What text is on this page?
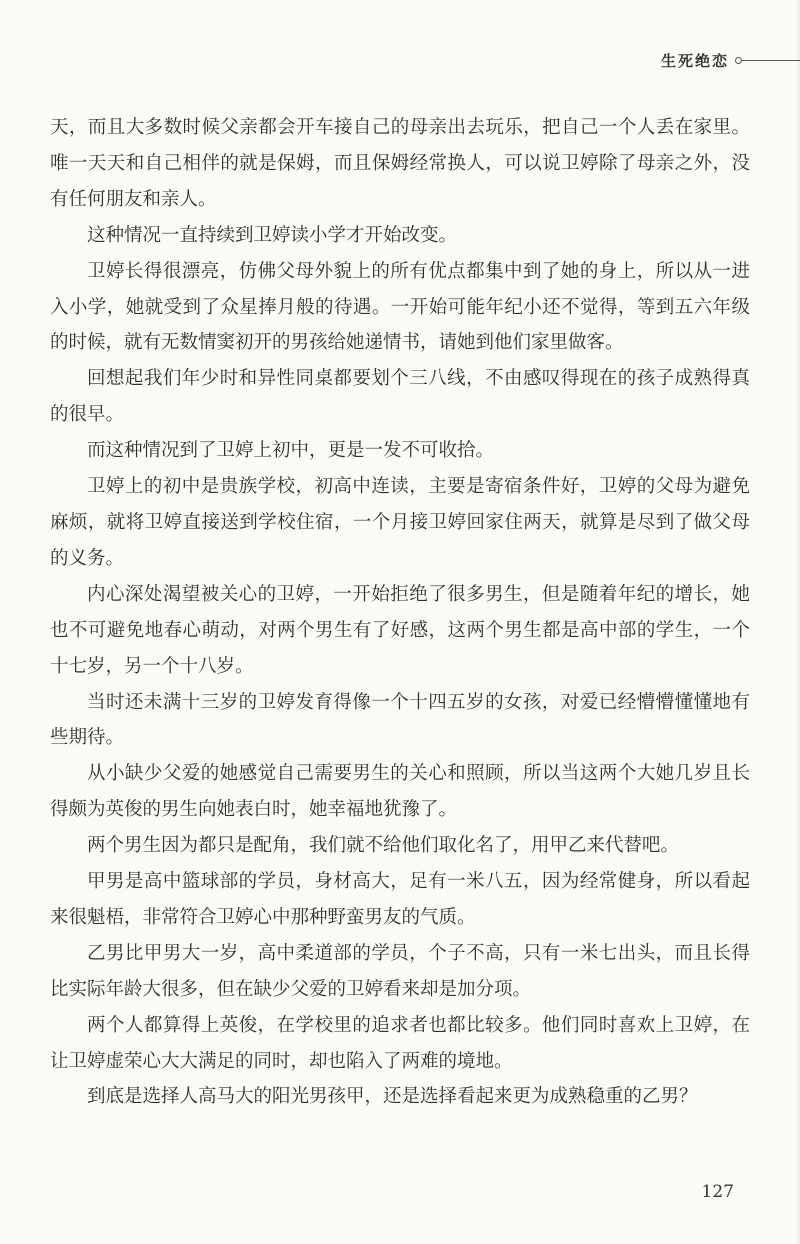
生死绝恋

天，而且大多数时候父亲都会开车接自己的母亲出去玩乐，把自己一个人丢在家里。唯一天天和自己相伴的就是保姆，而且保姆经常换人，可以说卫婷除了母亲之外，没有任何朋友和亲人。

这种情况一直持续到卫婷读小学才开始改变。

卫婷长得很漂亮，仿佛父母外貌上的所有优点都集中到了她的身上，所以从一进入小学，她就受到了众星捧月般的待遇。一开始可能年纪小还不觉得，等到五六年级的时候，就有无数情窦初开的男孩给她递情书，请她到他们家里做客。

回想起我们年少时和异性同桌都要划个三八线，不由感叹得现在的孩子成熟得真的很早。

而这种情况到了卫婷上初中，更是一发不可收拾。

卫婷上的初中是贵族学校，初高中连读，主要是寄宿条件好，卫婷的父母为避免麻烦，就将卫婷直接送到学校住宿，一个月接卫婷回家住两天，就算是尽到了做父母的义务。

内心深处渴望被关心的卫婷，一开始拒绝了很多男生，但是随着年纪的增长，她也不可避免地春心萌动，对两个男生有了好感，这两个男生都是高中部的学生，一个十七岁，另一个十八岁。

当时还未满十三岁的卫婷发育得像一个十四五岁的女孩，对爱已经懵懵懂懂地有些期待。

从小缺少父爱的她感觉自己需要男生的关心和照顾，所以当这两个大她几岁且长得颇为英俊的男生向她表白时，她幸福地犹豫了。

两个男生因为都只是配角，我们就不给他们取化名了，用甲乙来代替吧。

甲男是高中篮球部的学员，身材高大，足有一米八五，因为经常健身，所以看起来很魁梧，非常符合卫婷心中那种野蛮男友的气质。

乙男比甲男大一岁，高中柔道部的学员，个子不高，只有一米七出头，而且长得比实际年龄大很多，但在缺少父爱的卫婷看来却是加分项。

两个人都算得上英俊，在学校里的追求者也都比较多。他们同时喜欢上卫婷，在让卫婷虚荣心大大满足的同时，却也陷入了两难的境地。

到底是选择人高马大的阳光男孩甲，还是选择看起来更为成熟稳重的乙男？

127
